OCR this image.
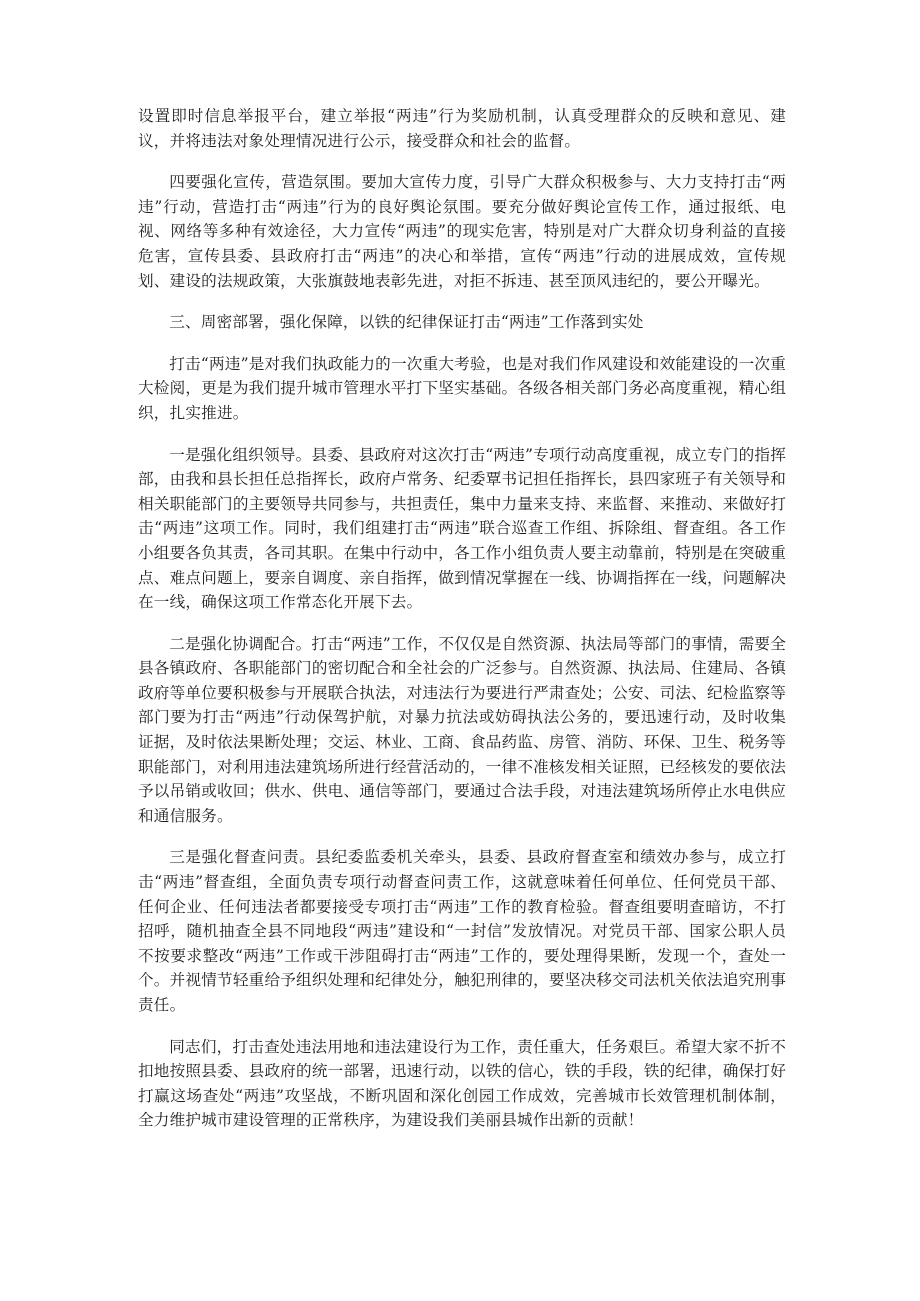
设置即时信息举报平台，建立举报“两违”行为奖励机制，认真受理群众的反映和意见、建议，并将违法对象处理情况进行公示，接受群众和社会的监督。

四要强化宣传，营造氛围。要加大宣传力度，引导广大群众积极参与、大力支持打击“两违”行动，营造打击“两违”行为的良好舆论氛围。要充分做好舆论宣传工作，通过报纸、电视、网络等多种有效途径，大力宣传“两违”的现实危害，特别是对广大群众切身利益的直接危害，宣传县委、县政府打击“两违”的决心和举措，宣传“两违”行动的进展成效，宣传规划、建设的法规政策，大张旗鼓地表彰先进，对拒不拆违、甚至顶风违纪的，要公开曝光。

三、周密部署，强化保障，以铁的纪律保证打击“两违”工作落到实处

打击“两违”是对我们执政能力的一次重大考验，也是对我们作风建设和效能建设的一次重大检阅，更是为我们提升城市管理水平打下坚实基础。各级各相关部门务必高度重视，精心组织，扎实推进。

一是强化组织领导。县委、县政府对这次打击“两违”专项行动高度重视，成立专门的指挥部，由我和县长担任总指挥长，政府卢常务、纪委覃书记担任指挥长，县四家班子有关领导和相关职能部门的主要领导共同参与，共担责任，集中力量来支持、来监督、来推动、来做好打击“两违”这项工作。同时，我们组建打击“两违”联合巡查工作组、拆除组、督查组。各工作小组要各负其责，各司其职。在集中行动中，各工作小组负责人要主动靠前，特别是在突破重点、难点问题上，要亲自调度、亲自指挥，做到情况掌握在一线、协调指挥在一线，问题解决在一线，确保这项工作常态化开展下去。

二是强化协调配合。打击“两违”工作，不仅仅是自然资源、执法局等部门的事情，需要全县各镇政府、各职能部门的密切配合和全社会的广泛参与。自然资源、执法局、住建局、各镇政府等单位要积极参与开展联合执法，对违法行为要进行严肃查处；公安、司法、纪检监察等部门要为打击“两违”行动保驾护航，对暴力抗法或妨碍执法公务的，要迅速行动，及时收集证据，及时依法果断处理；交运、林业、工商、食品药监、房管、消防、环保、卫生、税务等职能部门，对利用违法建筑场所进行经营活动的，一律不准核发相关证照，已经核发的要依法予以吊销或收回；供水、供电、通信等部门，要通过合法手段，对违法建筑场所停止水电供应和通信服务。

三是强化督查问责。县纪委监委机关牵头，县委、县政府督查室和绩效办参与，成立打击“两违”督查组，全面负责专项行动督查问责工作，这就意味着任何单位、任何党员干部、任何企业、任何违法者都要接受专项打击“两违”工作的教育检验。督查组要明查暗访，不打招呼，随机抽查全县不同地段“两违”建设和“一封信”发放情况。对党员干部、国家公职人员不按要求整改“两违”工作或干涉阻碍打击“两违”工作的，要处理得果断，发现一个，查处一个。并视情节轻重给予组织处理和纪律处分，触犯刑律的，要坚决移交司法机关依法追究刑事责任。

同志们，打击查处违法用地和违法建设行为工作，责任重大，任务艰巨。希望大家不折不扣地按照县委、县政府的统一部署，迅速行动，以铁的信心，铁的手段，铁的纪律，确保打好打赢这场查处“两违”攻坚战，不断巩固和深化创园工作成效，完善城市长效管理机制体制，全力维护城市建设管理的正常秩序，为建设我们美丽县城作出新的贡献！
